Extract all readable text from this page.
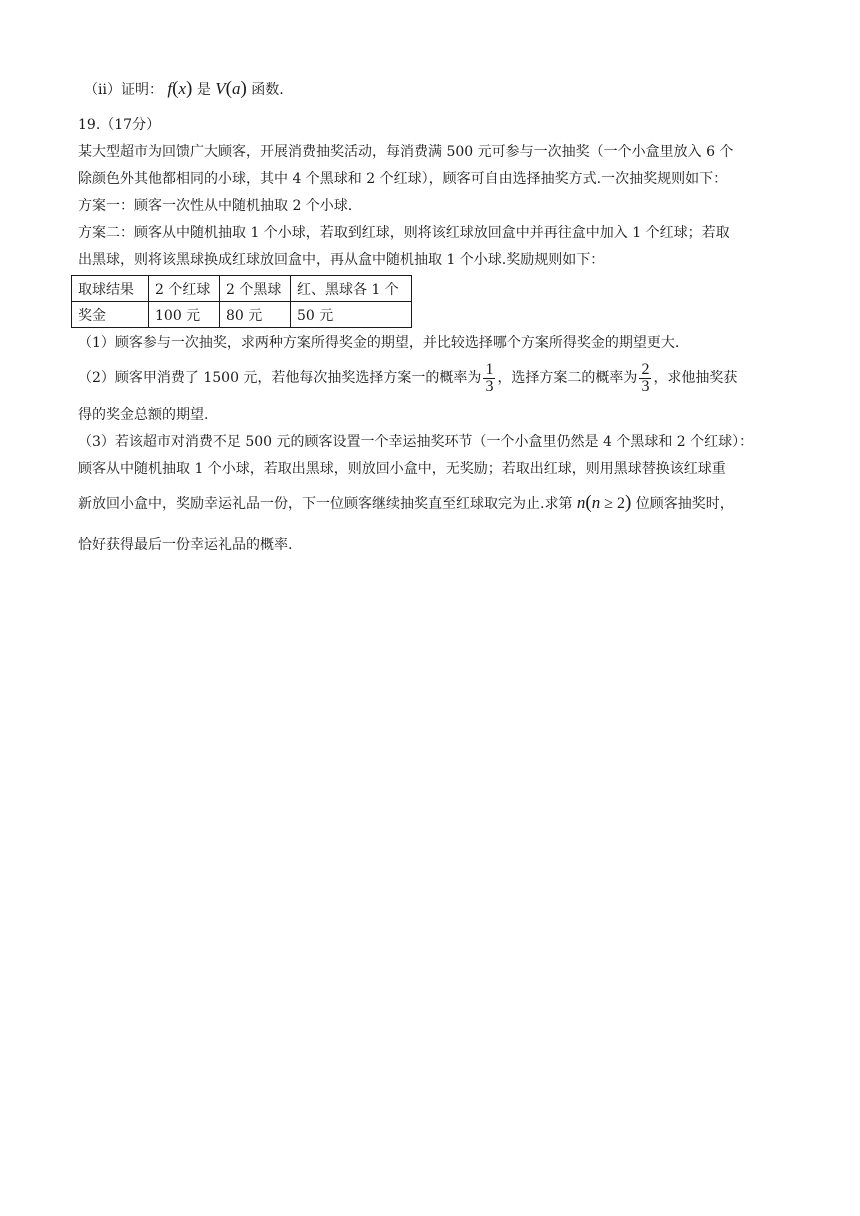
（ⅱ）证明： f(x) 是 V(a) 函数.
19.（17分）
某大型超市为回馈广大顾客，开展消费抽奖活动，每消费满 500 元可参与一次抽奖（一个小盒里放入 6 个
除颜色外其他都相同的小球，其中 4 个黑球和 2 个红球），顾客可自由选择抽奖方式.一次抽奖规则如下：
方案一：顾客一次性从中随机抽取 2 个小球.
方案二：顾客从中随机抽取 1 个小球，若取到红球，则将该红球放回盒中并再往盒中加入 1 个红球；若取
出黑球，则将该黑球换成红球放回盒中，再从盒中随机抽取 1 个小球.奖励规则如下：
取球结果	2 个红球	2 个黑球	红、黑球各 1 个
奖金	100 元	80 元	50 元
（1）顾客参与一次抽奖，求两种方案所得奖金的期望，并比较选择哪个方案所得奖金的期望更大.
（2）顾客甲消费了 1500 元，若他每次抽奖选择方案一的概率为 $\frac{1}{3}$ ，选择方案二的概率为 $\frac{2}{3}$ ，求他抽奖获
得的奖金总额的期望.
（3）若该超市对消费不足 500 元的顾客设置一个幸运抽奖环节（一个小盒里仍然是 4 个黑球和 2 个红球）：
顾客从中随机抽取 1 个小球，若取出黑球，则放回小盒中，无奖励；若取出红球，则用黑球替换该红球重
新放回小盒中，奖励幸运礼品一份，下一位顾客继续抽奖直至红球取完为止.求第 n(n ≥ 2) 位顾客抽奖时，
恰好获得最后一份幸运礼品的概率.
